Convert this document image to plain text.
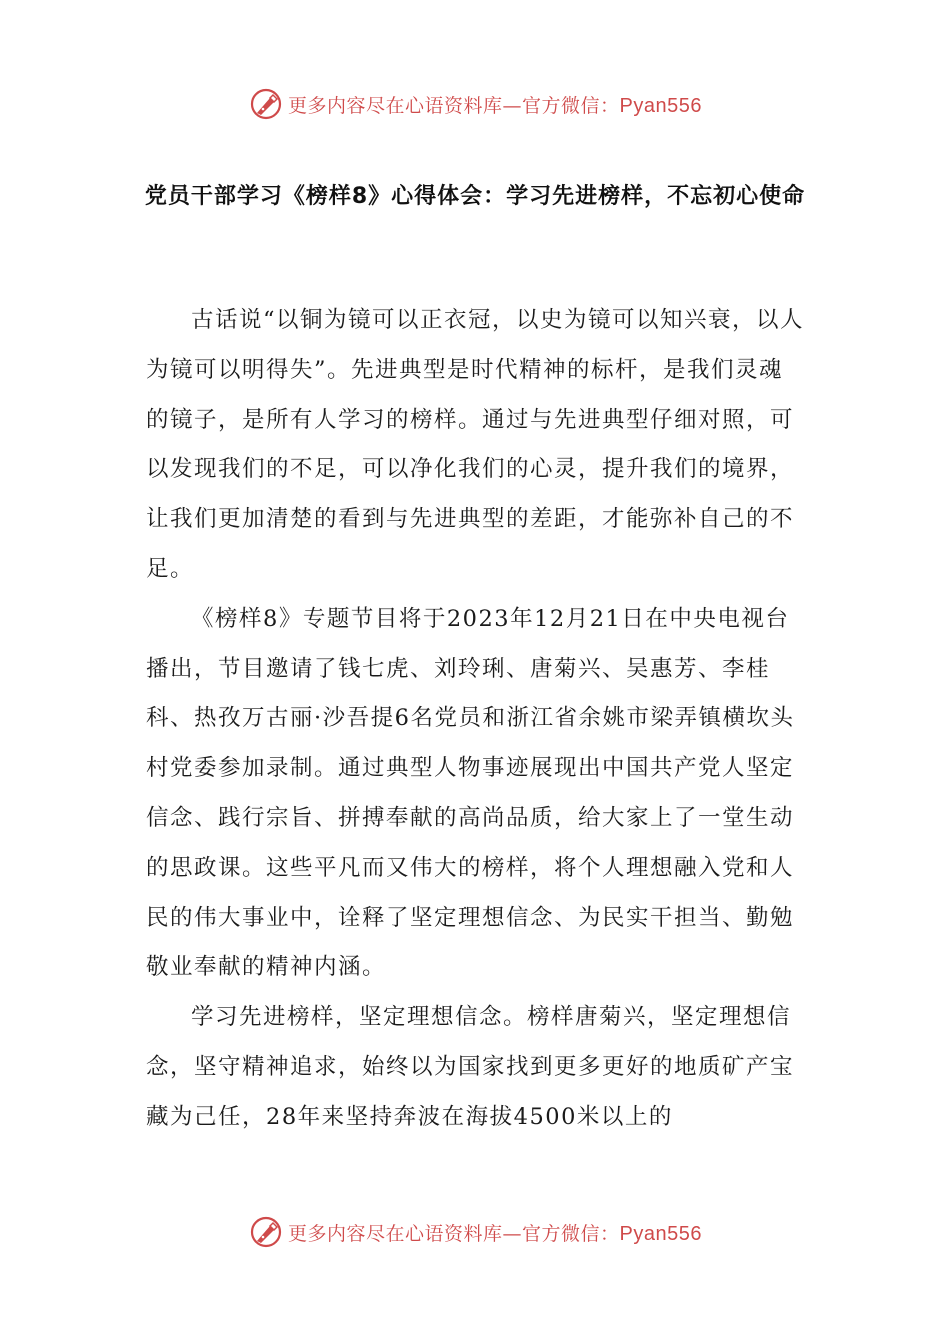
更多内容尽在心语资料库—官方微信：Pyan556
党员干部学习《榜样8》心得体会：学习先进榜样，不忘初心使命

古话说“以铜为镜可以正衣冠，以史为镜可以知兴衰，以人为镜可以明得失”。先进典型是时代精神的标杆，是我们灵魂的镜子，是所有人学习的榜样。通过与先进典型仔细对照，可以发现我们的不足，可以净化我们的心灵，提升我们的境界，让我们更加清楚的看到与先进典型的差距，才能弥补自己的不足。

《榜样8》专题节目将于2023年12月21日在中央电视台播出，节目邀请了钱七虎、刘玲琍、唐菊兴、吴惠芳、李桂科、热孜万古丽·沙吾提6名党员和浙江省余姚市梁弄镇横坎头村党委参加录制。通过典型人物事迹展现出中国共产党人坚定信念、践行宗旨、拼搏奉献的高尚品质，给大家上了一堂生动的思政课。这些平凡而又伟大的榜样，将个人理想融入党和人民的伟大事业中，诠释了坚定理想信念、为民实干担当、勤勉敬业奉献的精神内涵。

学习先进榜样，坚定理想信念。榜样唐菊兴，坚定理想信念，坚守精神追求，始终以为国家找到更多更好的地质矿产宝藏为己任，28年来坚持奔波在海拔4500米以上的

更多内容尽在心语资料库—官方微信：Pyan556
